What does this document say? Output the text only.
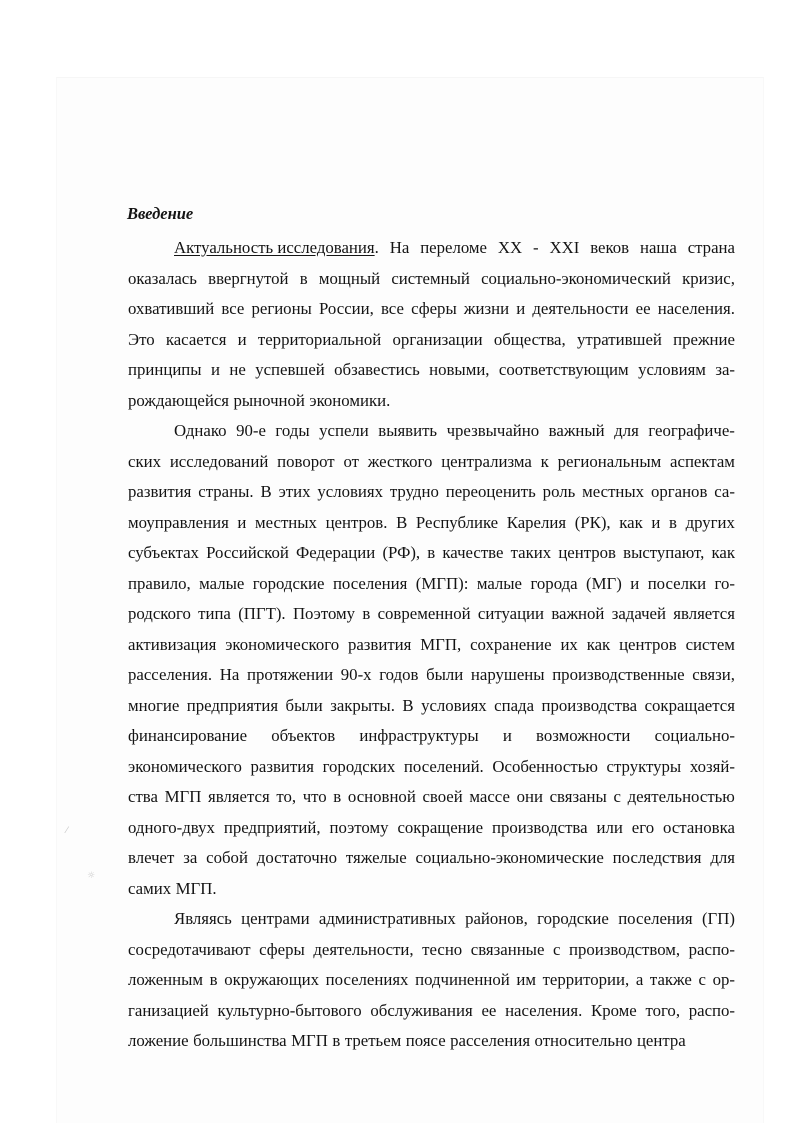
⁄
☼
Введение
Актуальность исследования. На переломе XX - XXI веков наша страна
оказалась ввергнутой в мощный системный социально-экономический кризис,
охвативший все регионы России, все сферы жизни и деятельности ее населения.
Это касается и территориальной организации общества, утратившей прежние
принципы и не успевшей обзавестись новыми, соответствующим условиям за-
рождающейся рыночной экономики.
Однако 90-е годы успели выявить чрезвычайно важный для географиче-
ских исследований поворот от жесткого централизма к региональным аспектам
развития страны. В этих условиях трудно переоценить роль местных органов са-
моуправления и местных центров. В Республике Карелия (РК), как и в других
субъектах Российской Федерации (РФ), в качестве таких центров выступают, как
правило, малые городские поселения (МГП): малые города (МГ) и поселки го-
родского типа (ПГТ). Поэтому в современной ситуации важной задачей является
активизация экономического развития МГП, сохранение их как центров систем
расселения. На протяжении 90-х годов были нарушены производственные связи,
многие предприятия были закрыты. В условиях спада производства сокращается
финансирование объектов инфраструктуры и возможности социально-
экономического развития городских поселений. Особенностью структуры хозяй-
ства МГП является то, что в основной своей массе они связаны с деятельностью
одного-двух предприятий, поэтому сокращение производства или его остановка
влечет за собой достаточно тяжелые социально-экономические последствия для
самих МГП.
Являясь центрами административных районов, городские поселения (ГП)
сосредотачивают сферы деятельности, тесно связанные с производством, распо-
ложенным в окружающих поселениях подчиненной им территории, а также с ор-
ганизацией культурно-бытового обслуживания ее населения. Кроме того, распо-
ложение большинства МГП в третьем поясе расселения относительно центра
